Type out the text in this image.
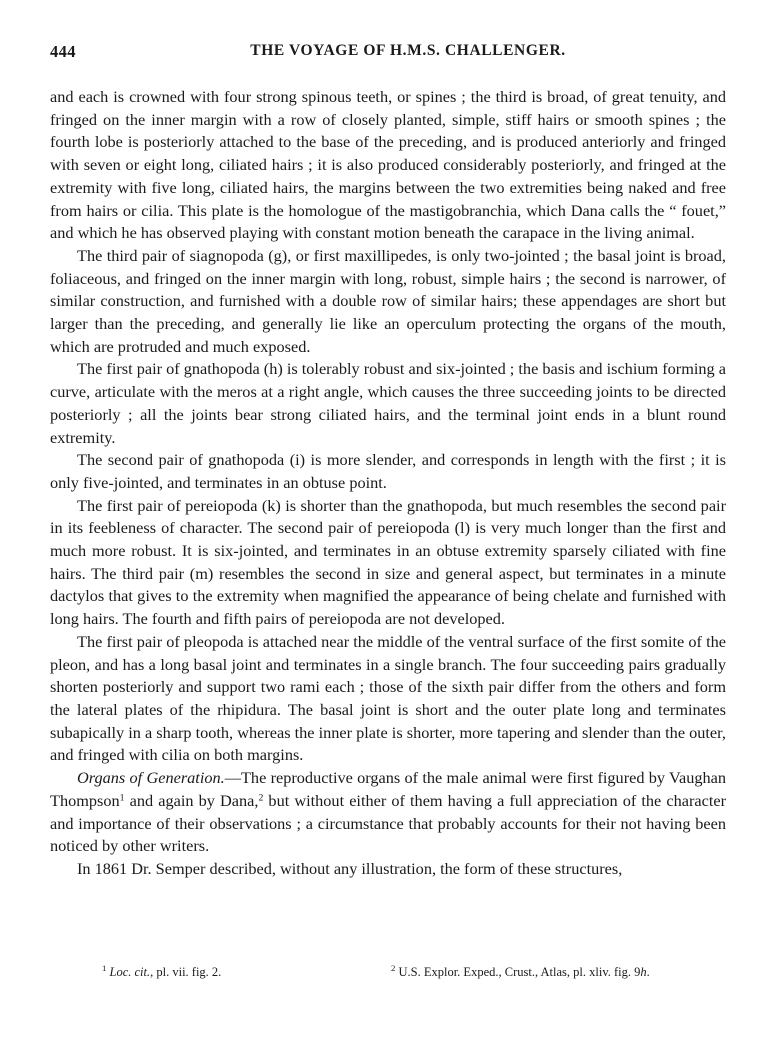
444	THE VOYAGE OF H.M.S. CHALLENGER.

and each is crowned with four strong spinous teeth, or spines ; the third is broad, of great tenuity, and fringed on the inner margin with a row of closely planted, simple, stiff hairs or smooth spines ; the fourth lobe is posteriorly attached to the base of the preceding, and is produced anteriorly and fringed with seven or eight long, ciliated hairs ; it is also produced considerably posteriorly, and fringed at the extremity with five long, ciliated hairs, the margins between the two extremities being naked and free from hairs or cilia. This plate is the homologue of the mastigobranchia, which Dana calls the “ fouet,” and which he has observed playing with constant motion beneath the carapace in the living animal.

The third pair of siagnopoda (g), or first maxillipedes, is only two-jointed ; the basal joint is broad, foliaceous, and fringed on the inner margin with long, robust, simple hairs ; the second is narrower, of similar construction, and furnished with a double row of similar hairs; these appendages are short but larger than the preceding, and generally lie like an operculum protecting the organs of the mouth, which are protruded and much exposed.

The first pair of gnathopoda (h) is tolerably robust and six-jointed ; the basis and ischium forming a curve, articulate with the meros at a right angle, which causes the three succeeding joints to be directed posteriorly ; all the joints bear strong ciliated hairs, and the terminal joint ends in a blunt round extremity.

The second pair of gnathopoda (i) is more slender, and corresponds in length with the first ; it is only five-jointed, and terminates in an obtuse point.

The first pair of pereiopoda (k) is shorter than the gnathopoda, but much resembles the second pair in its feebleness of character. The second pair of pereiopoda (l) is very much longer than the first and much more robust. It is six-jointed, and terminates in an obtuse extremity sparsely ciliated with fine hairs. The third pair (m) resembles the second in size and general aspect, but terminates in a minute dactylos that gives to the extremity when magnified the appearance of being chelate and furnished with long hairs. The fourth and fifth pairs of pereiopoda are not developed.

The first pair of pleopoda is attached near the middle of the ventral surface of the first somite of the pleon, and has a long basal joint and terminates in a single branch. The four succeeding pairs gradually shorten posteriorly and support two rami each ; those of the sixth pair differ from the others and form the lateral plates of the rhipidura. The basal joint is short and the outer plate long and terminates subapically in a sharp tooth, whereas the inner plate is shorter, more tapering and slender than the outer, and fringed with cilia on both margins.

Organs of Generation.—The reproductive organs of the male animal were first figured by Vaughan Thompson$^1$ and again by Dana,$^2$ but without either of them having a full appreciation of the character and importance of their observations ; a circumstance that probably accounts for their not having been noticed by other writers.

In 1861 Dr. Semper described, without any illustration, the form of these structures,

$^1$ Loc. cit., pl. vii. fig. 2.	$^2$ U.S. Explor. Exped., Crust., Atlas, pl. xliv. fig. 9h.
